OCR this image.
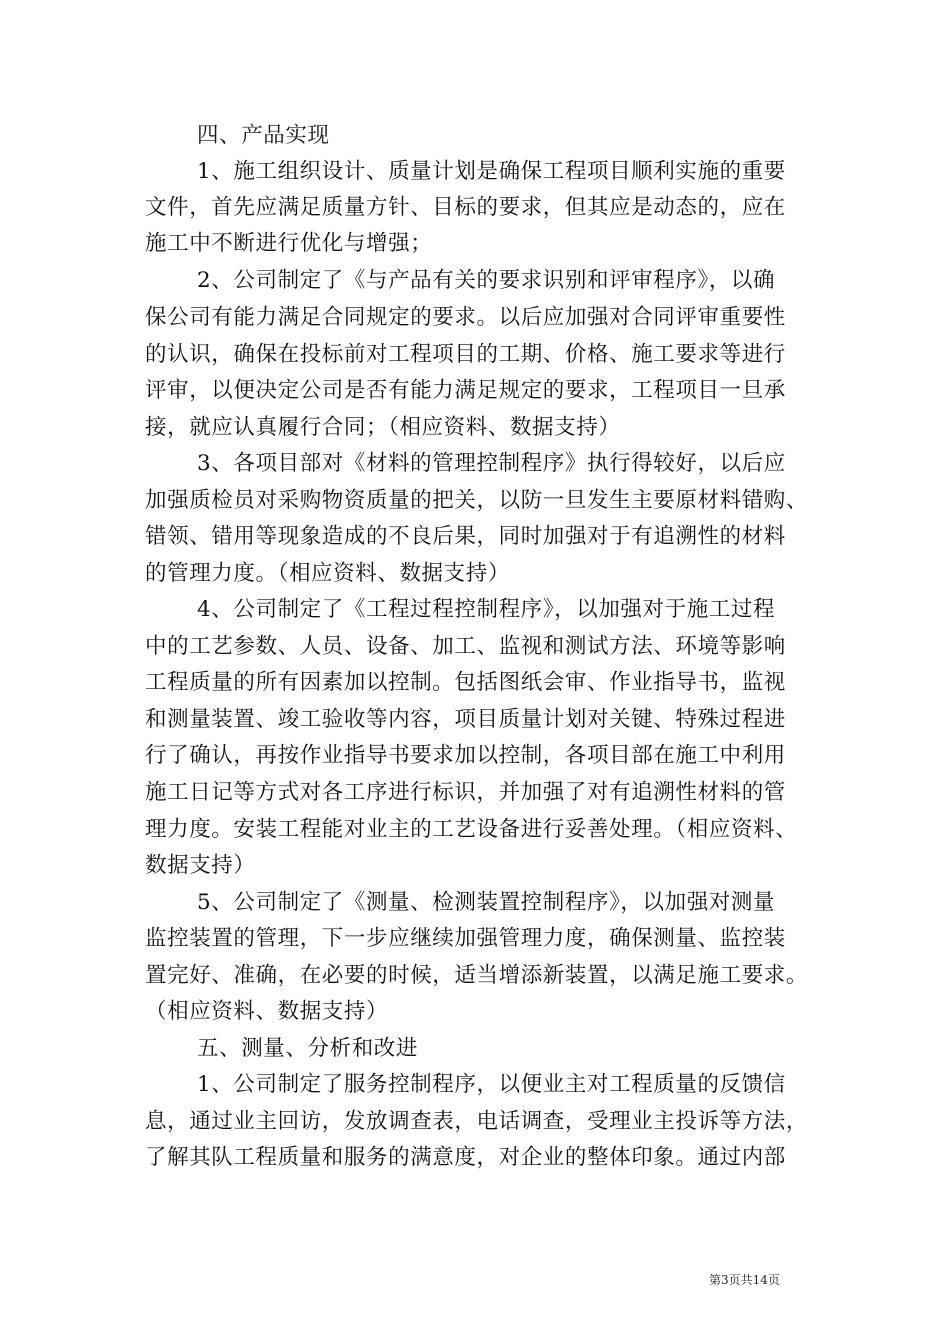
四、产品实现
1、施工组织设计、质量计划是确保工程项目顺利实施的重要
文件，首先应满足质量方针、目标的要求，但其应是动态的，应在
施工中不断进行优化与增强；
2、公司制定了《与产品有关的要求识别和评审程序》，以确
保公司有能力满足合同规定的要求。以后应加强对合同评审重要性
的认识，确保在投标前对工程项目的工期、价格、施工要求等进行
评审，以便决定公司是否有能力满足规定的要求，工程项目一旦承
接，就应认真履行合同；（相应资料、数据支持）
3、各项目部对《材料的管理控制程序》执行得较好，以后应
加强质检员对采购物资质量的把关，以防一旦发生主要原材料错购、
错领、错用等现象造成的不良后果，同时加强对于有追溯性的材料
的管理力度。（相应资料、数据支持）
4、公司制定了《工程过程控制程序》，以加强对于施工过程
中的工艺参数、人员、设备、加工、监视和测试方法、环境等影响
工程质量的所有因素加以控制。包括图纸会审、作业指导书，监视
和测量装置、竣工验收等内容，项目质量计划对关键、特殊过程进
行了确认，再按作业指导书要求加以控制，各项目部在施工中利用
施工日记等方式对各工序进行标识，并加强了对有追溯性材料的管
理力度。安装工程能对业主的工艺设备进行妥善处理。（相应资料、
数据支持）
5、公司制定了《测量、检测装置控制程序》，以加强对测量
监控装置的管理，下一步应继续加强管理力度，确保测量、监控装
置完好、准确，在必要的时候，适当增添新装置，以满足施工要求。
（相应资料、数据支持）
五、测量、分析和改进
1、公司制定了服务控制程序，以便业主对工程质量的反馈信
息，通过业主回访，发放调查表，电话调查，受理业主投诉等方法，
了解其队工程质量和服务的满意度，对企业的整体印象。通过内部
第3页共14页
